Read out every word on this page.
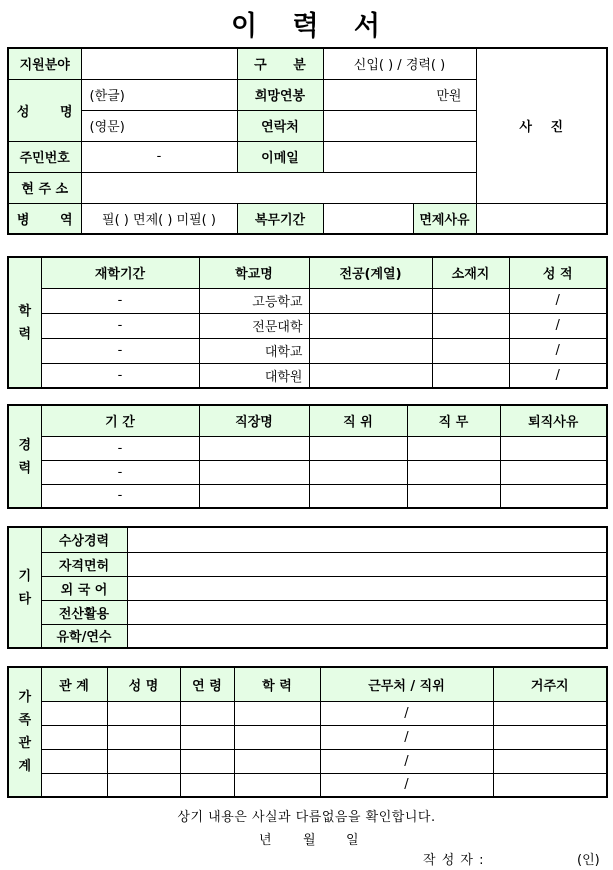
이 력 서
지원분야		구 분	신입( ) / 경력( )		사 진
성 명	(한글)	희망연봉	만원		
	(영문)	연락처			
주민번호	-	이메일			
현 주 소					
병 역	필( ) 면제( ) 미필( )	복무기간		면제사유	
학력	재학기간	학교명	전공(계열)	소재지	성 적
	-	고등학교			/
	-	전문대학			/
	-	대학교			/
	-	대학원			/
경력	기 간	직장명	직 위	직 무	퇴직사유
	-				
	-				
	-				
기타	수상경력	
	자격면허	
	외 국 어	
	전산활용	
	유학/연수	
가족관계	관 계	성 명	연 령	학 력	근무처 / 직위	거주지
					/	
					/	
					/	
					/	
상기 내용은 사실과 다름없음을 확인합니다.
년 월 일
작 성 자 :	(인)
